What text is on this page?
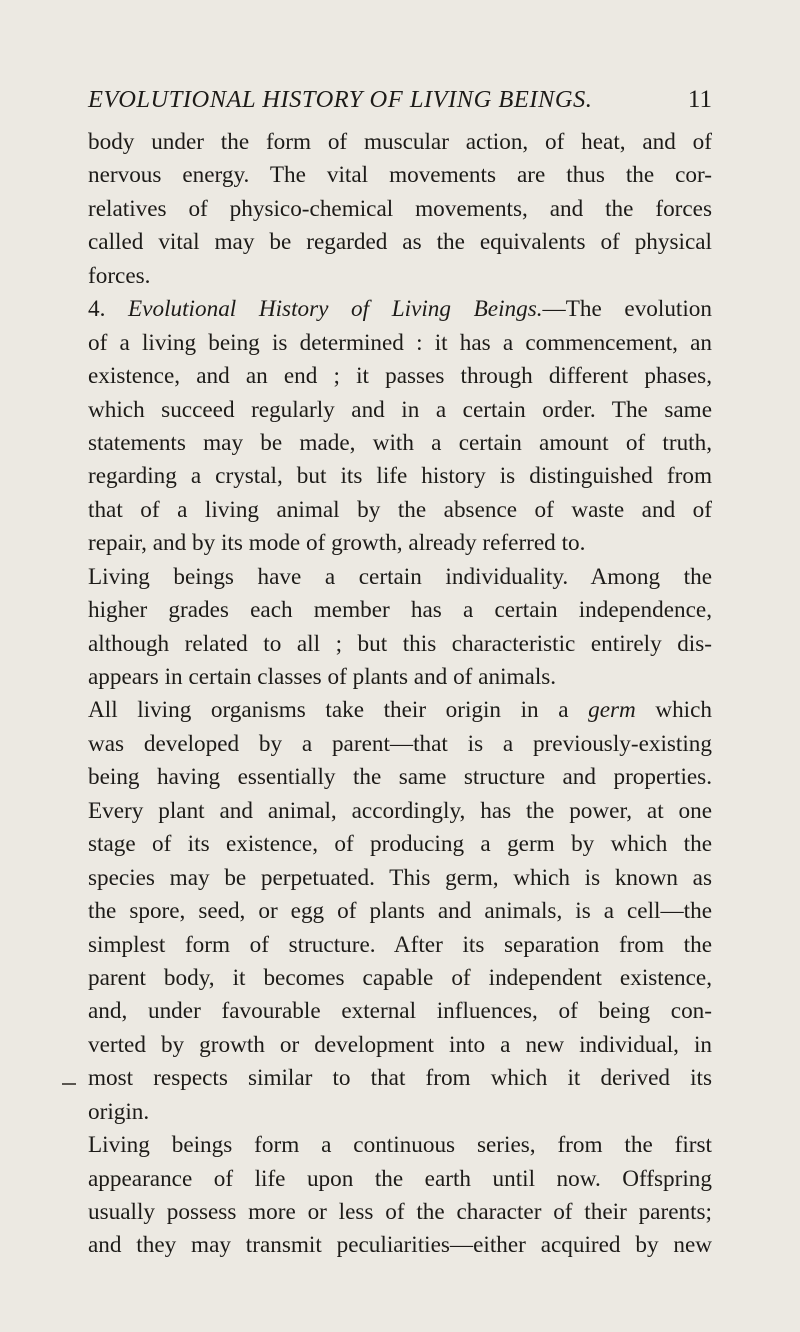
EVOLUTIONAL HISTORY OF LIVING BEINGS.	11
body under the form of muscular action, of heat, and of
nervous energy. The vital movements are thus the cor-
relatives of physico-chemical movements, and the forces
called vital may be regarded as the equivalents of physical
forces.
4. Evolutional History of Living Beings.—The evolution
of a living being is determined : it has a commencement, an
existence, and an end ; it passes through different phases,
which succeed regularly and in a certain order. The same
statements may be made, with a certain amount of truth,
regarding a crystal, but its life history is distinguished from
that of a living animal by the absence of waste and of
repair, and by its mode of growth, already referred to.
Living beings have a certain individuality. Among the
higher grades each member has a certain independence,
although related to all ; but this characteristic entirely dis-
appears in certain classes of plants and of animals.
All living organisms take their origin in a germ which
was developed by a parent—that is a previously-existing
being having essentially the same structure and properties.
Every plant and animal, accordingly, has the power, at one
stage of its existence, of producing a germ by which the
species may be perpetuated. This germ, which is known as
the spore, seed, or egg of plants and animals, is a cell—the
simplest form of structure. After its separation from the
parent body, it becomes capable of independent existence,
and, under favourable external influences, of being con-
verted by growth or development into a new individual, in
most respects similar to that from which it derived its
origin.
Living beings form a continuous series, from the first
appearance of life upon the earth until now. Offspring
usually possess more or less of the character of their parents;
and they may transmit peculiarities—either acquired by new
